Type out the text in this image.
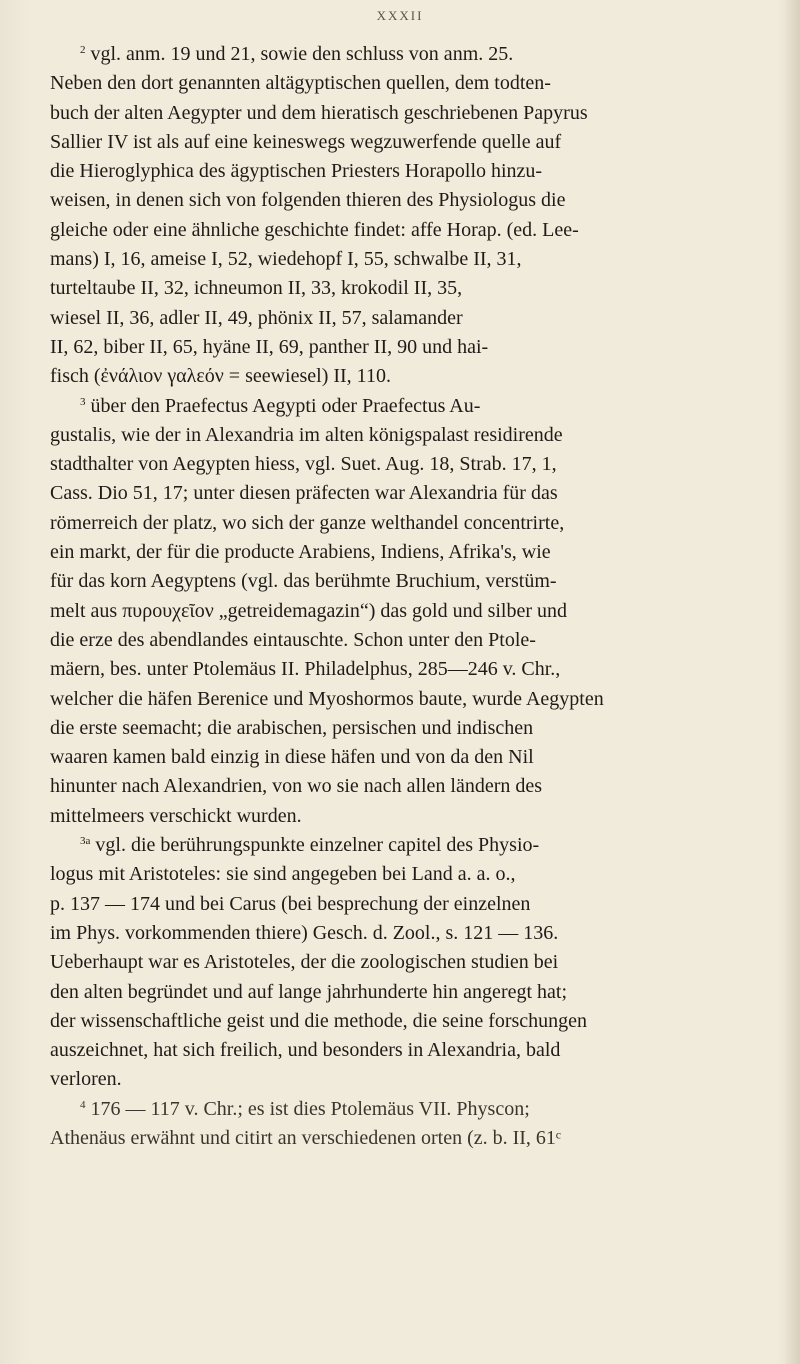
XXXII

$^2$ vgl. anm. 19 und 21, sowie den schluss von anm. 25.
Neben den dort genannten altägyptischen quellen, dem todten-
buch der alten Aegypter und dem hieratisch geschriebenen Papyrus
Sallier IV ist als auf eine keineswegs wegzuwerfende quelle auf
die Hieroglyphica des ägyptischen Priesters Horapollo hinzu-
weisen, in denen sich von folgenden thieren des Physiologus die
gleiche oder eine ähnliche geschichte findet: affe Horap. (ed. Lee-
mans) I, 16, ameise I, 52, wiedehopf I, 55, schwalbe II, 31,
turteltaube II, 32, ichneumon II, 33, krokodil II, 35,
wiesel II, 36, adler II, 49, phönix II, 57, salamander
II, 62, biber II, 65, hyäne II, 69, panther II, 90 und hai-
fisch (ἐνάλιον γαλεόν = seewiesel) II, 110.

$^3$ über den Praefectus Aegypti oder Praefectus Au-
gustalis, wie der in Alexandria im alten königspalast residirende
stadthalter von Aegypten hiess, vgl. Suet. Aug. 18, Strab. 17, 1,
Cass. Dio 51, 17; unter diesen präfecten war Alexandria für das
römerreich der platz, wo sich der ganze welthandel concentrirte,
ein markt, der für die producte Arabiens, Indiens, Afrika's, wie
für das korn Aegyptens (vgl. das berühmte Bruchium, verstüm-
melt aus πυρουχεῖον „getreidemagazin“) das gold und silber und
die erze des abendlandes eintauschte. Schon unter den Ptole-
mäern, bes. unter Ptolemäus II. Philadelphus, 285—246 v. Chr.,
welcher die häfen Berenice und Myoshormos baute, wurde Aegypten
die erste seemacht; die arabischen, persischen und indischen
waaren kamen bald einzig in diese häfen und von da den Nil
hinunter nach Alexandrien, von wo sie nach allen ländern des
mittelmeers verschickt wurden.

$^{3a}$ vgl. die berührungspunkte einzelner capitel des Physio-
logus mit Aristoteles: sie sind angegeben bei Land a. a. o.,
p. 137 — 174 und bei Carus (bei besprechung der einzelnen
im Phys. vorkommenden thiere) Gesch. d. Zool., s. 121 — 136.
Ueberhaupt war es Aristoteles, der die zoologischen studien bei
den alten begründet und auf lange jahrhunderte hin angeregt hat;
der wissenschaftliche geist und die methode, die seine forschungen
auszeichnet, hat sich freilich, und besonders in Alexandria, bald
verloren.

$^4$ 176 — 117 v. Chr.; es ist dies Ptolemäus VII. Physcon;
Athenäus erwähnt und citirt an verschiedenen orten (z. b. II, 61ᶜ
